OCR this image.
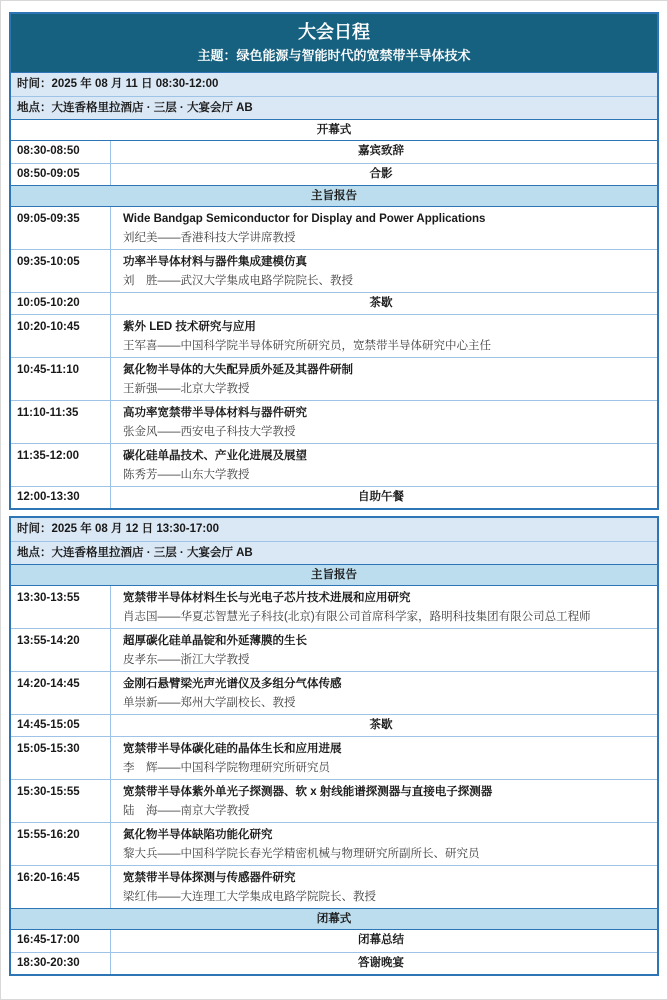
大会日程
主题：绿色能源与智能时代的宽禁带半导体技术
时间：2025 年 08 月 11 日 08:30-12:00
地点：大连香格里拉酒店 · 三层 · 大宴会厅 AB
开幕式
08:30-08:50	嘉宾致辞
08:50-09:05	合影
主旨报告
09:05-09:35	Wide Bandgap Semiconductor for Display and Power Applications
刘纪美——香港科技大学讲席教授
09:35-10:05	功率半导体材料与器件集成建模仿真
刘　胜——武汉大学集成电路学院院长、教授
10:05-10:20	茶歇
10:20-10:45	紫外 LED 技术研究与应用
王军喜——中国科学院半导体研究所研究员，宽禁带半导体研究中心主任
10:45-11:10	氮化物半导体的大失配异质外延及其器件研制
王新强——北京大学教授
11:10-11:35	高功率宽禁带半导体材料与器件研究
张金风——西安电子科技大学教授
11:35-12:00	碳化硅单晶技术、产业化进展及展望
陈秀芳——山东大学教授
12:00-13:30	自助午餐
时间：2025 年 08 月 12 日 13:30-17:00
地点：大连香格里拉酒店 · 三层 · 大宴会厅 AB
主旨报告
13:30-13:55	宽禁带半导体材料生长与光电子芯片技术进展和应用研究
肖志国——华夏芯智慧光子科技(北京)有限公司首席科学家，路明科技集团有限公司总工程师
13:55-14:20	超厚碳化硅单晶锭和外延薄膜的生长
皮孝东——浙江大学教授
14:20-14:45	金刚石悬臂梁光声光谱仪及多组分气体传感
单崇新——郑州大学副校长、教授
14:45-15:05	茶歇
15:05-15:30	宽禁带半导体碳化硅的晶体生长和应用进展
李　辉——中国科学院物理研究所研究员
15:30-15:55	宽禁带半导体紫外单光子探测器、软 x 射线能谱探测器与直接电子探测器
陆　海——南京大学教授
15:55-16:20	氮化物半导体缺陷功能化研究
黎大兵——中国科学院长春光学精密机械与物理研究所副所长、研究员
16:20-16:45	宽禁带半导体探测与传感器件研究
梁红伟——大连理工大学集成电路学院院长、教授
闭幕式
16:45-17:00	闭幕总结
18:30-20:30	答谢晚宴
